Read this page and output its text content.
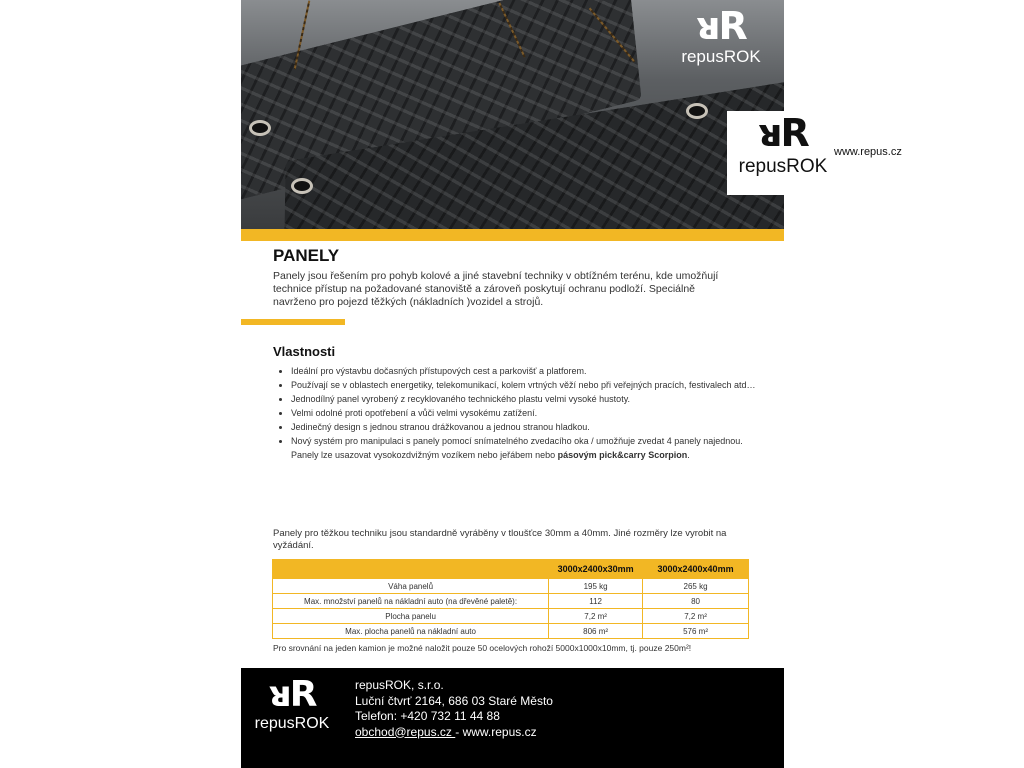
ᴚR
repusROK
PANELY
Panely jsou řešením pro pohyb kolové a jiné stavební techniky v obtížném terénu, kde umožňují technice přístup na požadované stanoviště a zároveň poskytují ochranu podloží. Speciálně navrženo pro pojezd těžkých (nákladních )vozidel a strojů.
Vlastnosti
• Ideální pro výstavbu dočasných přístupových cest a parkovišť a platforem.
• Používají se v oblastech energetiky, telekomunikací, kolem vrtných věží nebo při veřejných pracích, festivalech atd…
• Jednodílný panel vyrobený z recyklovaného technického plastu velmi vysoké hustoty.
• Velmi odolné proti opotřebení a vůči velmi vysokému zatížení.
• Jedinečný design s jednou stranou drážkovanou a jednou stranou hladkou.
• Nový systém pro manipulaci s panely pomocí snímatelného zvedacího oka / umožňuje zvedat 4 panely najednou. Panely lze usazovat vysokozdvižným vozíkem nebo jeřábem nebo pásovým pick&carry Scorpion.
Panely pro těžkou techniku jsou standardně vyráběny v tloušťce 30mm a 40mm. Jiné rozměry lze vyrobit na vyžádání.
	3000x2400x30mm	3000x2400x40mm
Váha panelů	195 kg	265 kg
Max. množství panelů na nákladní auto (na dřevěné paletě):	112	80
Plocha panelu	7,2 m²	7,2 m²
Max. plocha panelů na nákladní auto	806 m²	576 m²
Pro srovnání na jeden kamion je možné naložit pouze 50 ocelových rohoží 5000x1000x10mm, tj. pouze 250m²!
ᴚR
repusROK
repusROK, s.r.o.
Luční čtvrť 2164, 686 03 Staré Město
Telefon: +420 732 11 44 88
obchod@repus.cz - www.repus.cz
ᴚR
repusROK
www.repus.cz
